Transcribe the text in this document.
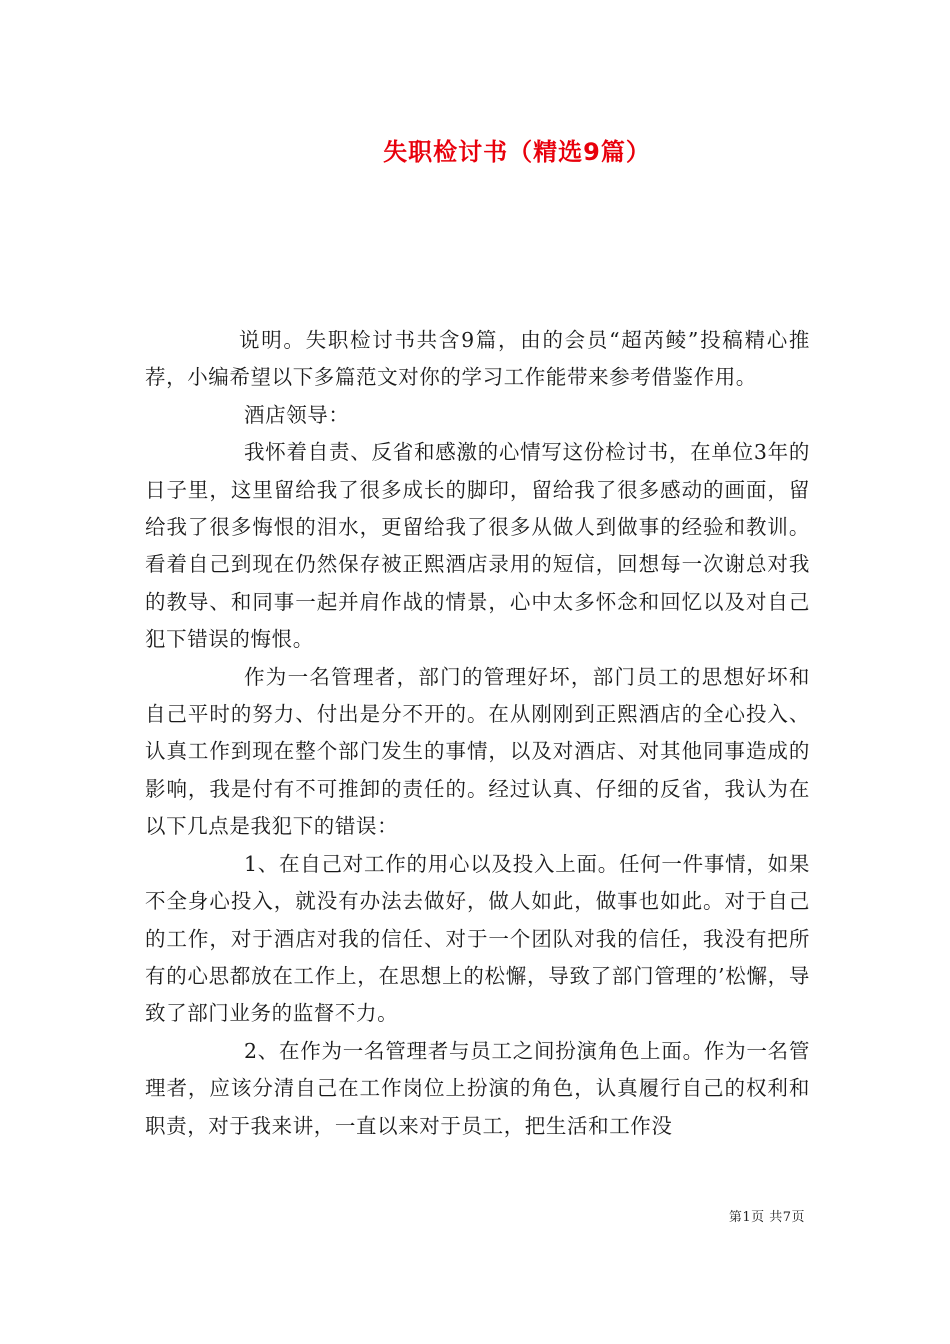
失职检讨书（精选9篇）

说明。失职检讨书共含9篇，由的会员“超芮鲮”投稿精心推荐，小编希望以下多篇范文对你的学习工作能带来参考借鉴作用。

酒店领导：

我怀着自责、反省和感激的心情写这份检讨书，在单位3年的日子里，这里留给我了很多成长的脚印，留给我了很多感动的画面，留给我了很多悔恨的泪水，更留给我了很多从做人到做事的经验和教训。看着自己到现在仍然保存被正熙酒店录用的短信，回想每一次谢总对我的教导、和同事一起并肩作战的情景，心中太多怀念和回忆以及对自己犯下错误的悔恨。

作为一名管理者，部门的管理好坏，部门员工的思想好坏和自己平时的努力、付出是分不开的。在从刚刚到正熙酒店的全心投入、认真工作到现在整个部门发生的事情，以及对酒店、对其他同事造成的影响，我是付有不可推卸的责任的。经过认真、仔细的反省，我认为在以下几点是我犯下的错误：

1、在自己对工作的用心以及投入上面。任何一件事情，如果不全身心投入，就没有办法去做好，做人如此，做事也如此。对于自己的工作，对于酒店对我的信任、对于一个团队对我的信任，我没有把所有的心思都放在工作上，在思想上的松懈，导致了部门管理的’松懈，导致了部门业务的监督不力。

2、在作为一名管理者与员工之间扮演角色上面。作为一名管理者，应该分清自己在工作岗位上扮演的角色，认真履行自己的权利和职责，对于我来讲，一直以来对于员工，把生活和工作没

第1页 共7页
